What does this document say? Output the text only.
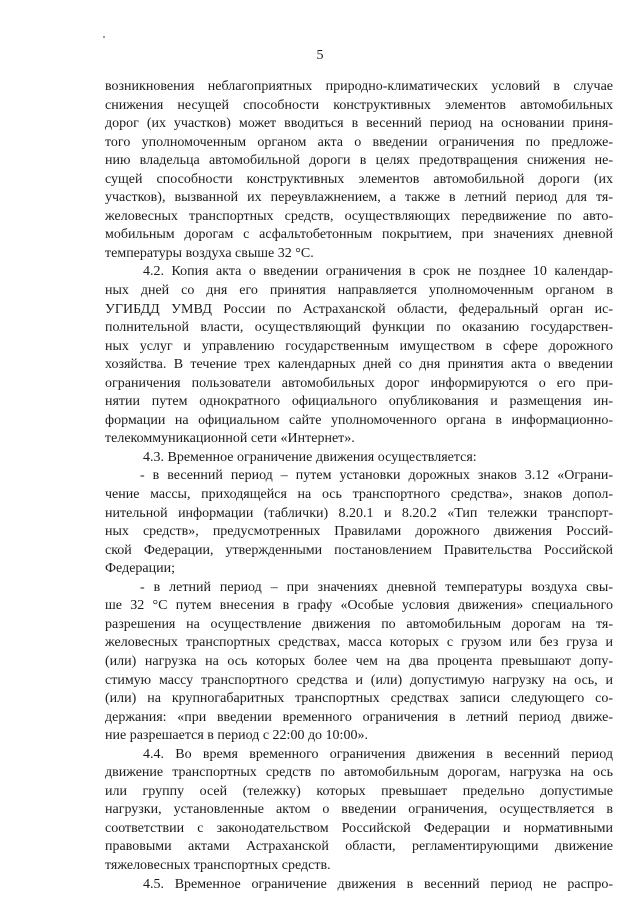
5
возникновения неблагоприятных природно-климатических условий в случае
снижения несущей способности конструктивных элементов автомобильных
дорог (их участков) может вводиться в весенний период на основании приня-
того уполномоченным органом акта о введении ограничения по предложе-
нию владельца автомобильной дороги в целях предотвращения снижения не-
сущей способности конструктивных элементов автомобильной дороги (их
участков), вызванной их переувлажнением, а также в летний период для тя-
желовесных транспортных средств, осуществляющих передвижение по авто-
мобильным дорогам с асфальтобетонным покрытием, при значениях дневной
температуры воздуха свыше 32 °С.
4.2. Копия акта о введении ограничения в срок не позднее 10 календар-
ных дней со дня его принятия направляется уполномоченным органом в
УГИБДД УМВД России по Астраханской области, федеральный орган ис-
полнительной власти, осуществляющий функции по оказанию государствен-
ных услуг и управлению государственным имуществом в сфере дорожного
хозяйства. В течение трех календарных дней со дня принятия акта о введении
ограничения пользователи автомобильных дорог информируются о его при-
нятии путем однократного официального опубликования и размещения ин-
формации на официальном сайте уполномоченного органа в информационно-
телекоммуникационной сети «Интернет».
4.3. Временное ограничение движения осуществляется:
- в весенний период – путем установки дорожных знаков 3.12 «Ограни-
чение массы, приходящейся на ось транспортного средства», знаков допол-
нительной информации (таблички) 8.20.1 и 8.20.2 «Тип тележки транспорт-
ных средств», предусмотренных Правилами дорожного движения Россий-
ской Федерации, утвержденными постановлением Правительства Российской
Федерации;
- в летний период – при значениях дневной температуры воздуха свы-
ше 32 °С путем внесения в графу «Особые условия движения» специального
разрешения на осуществление движения по автомобильным дорогам на тя-
желовесных транспортных средствах, масса которых с грузом или без груза и
(или) нагрузка на ось которых более чем на два процента превышают допу-
стимую массу транспортного средства и (или) допустимую нагрузку на ось, и
(или) на крупногабаритных транспортных средствах записи следующего со-
держания: «при введении временного ограничения в летний период движе-
ние разрешается в период с 22:00 до 10:00».
4.4. Во время временного ограничения движения в весенний период
движение транспортных средств по автомобильным дорогам, нагрузка на ось
или группу осей (тележку) которых превышает предельно допустимые
нагрузки, установленные актом о введении ограничения, осуществляется в
соответствии с законодательством Российской Федерации и нормативными
правовыми актами Астраханской области, регламентирующими движение
тяжеловесных транспортных средств.
4.5. Временное ограничение движения в весенний период не распро-
